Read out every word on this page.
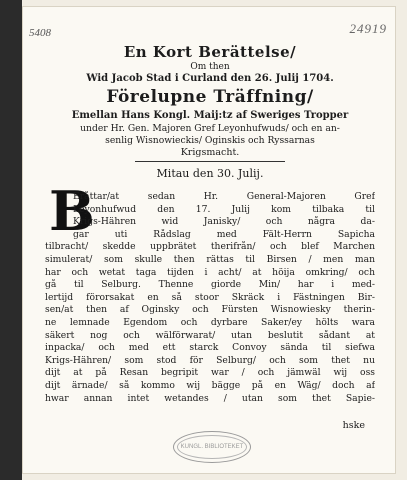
5408	24919
En Kort Berättelse/
Om then
Wid Jacob Stad i Curland den 26. Julij 1704.
Förelupne Träffning/
Emellan Hans Kongl. Maij:tz af Sweriges Tropper
under Hr. Gen. Majoren Gref Leyonhufwuds/ och en an-
senlig Wisnowieckis/ Oginskis och Ryssarnas
Krigsmacht.
Mitau den 30. Julij.
B
Eråttar/at sedan Hr. General-Majoren Gref
Leyonhufwud den 17. Julij kom tilbaka til
Krigs-Hähren wid Janisky/ och några da-
gar uti Rådslag med Fält-Herrn Sapicha
tilbracht/ skedde uppbrätet therifrån/ och blef Marchen
simulerat/ som skulle then rättas til Birsen / men man
har och wetat taga tijden i acht/ at höija omkring/ och
gå til Selburg. Thenne giorde Min/ har i med-
lertijd förorsakat en så stoor Skräck i Fästningen Bir-
sen/at then af Oginsky och Fürsten Wisnowiesky therin-
ne lemnade Egendom och dyrbare Saker/ey hölts wara
säkert nog och wälförwarat/ utan beslutit sådant at
inpacka/ och med ett starck Convoy sända til siefwa
Krigs-Hähren/ som stod för Selburg/ och som thet nu
dijt at på Resan begripit war / och jämwäl wij oss
dijt ärnade/ så kommo wij bägge på en Wäg/ doch af
hwar annan intet wetandes / utan som thet Sapie-
hske
KUNGL. BIBLIOTEKET
